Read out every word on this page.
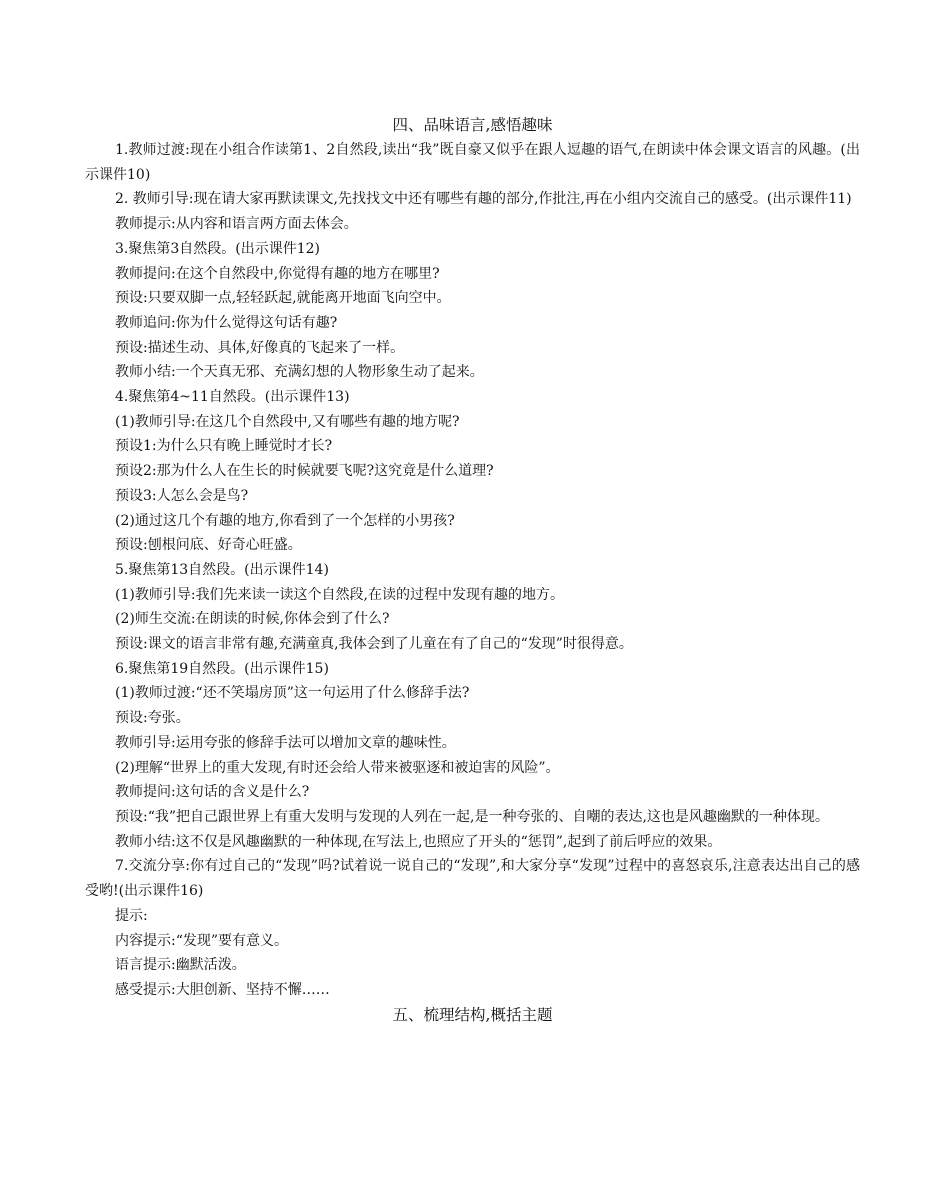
四、品味语言,感悟趣味
1.教师过渡:现在小组合作读第1、2自然段,读出“我”既自豪又似乎在跟人逗趣的语气,在朗读中体会课文语言的风趣。(出示课件10)
2. 教师引导:现在请大家再默读课文,先找找文中还有哪些有趣的部分,作批注,再在小组内交流自己的感受。(出示课件11)
教师提示:从内容和语言两方面去体会。
3.聚焦第3自然段。(出示课件12)
教师提问:在这个自然段中,你觉得有趣的地方在哪里?
预设:只要双脚一点,轻轻跃起,就能离开地面飞向空中。
教师追问:你为什么觉得这句话有趣?
预设:描述生动、具体,好像真的飞起来了一样。
教师小结:一个天真无邪、充满幻想的人物形象生动了起来。
4.聚焦第4~11自然段。(出示课件13)
(1)教师引导:在这几个自然段中,又有哪些有趣的地方呢?
预设1:为什么只有晚上睡觉时才长?
预设2:那为什么人在生长的时候就要飞呢?这究竟是什么道理?
预设3:人怎么会是鸟?
(2)通过这几个有趣的地方,你看到了一个怎样的小男孩?
预设:刨根问底、好奇心旺盛。
5.聚焦第13自然段。(出示课件14)
(1)教师引导:我们先来读一读这个自然段,在读的过程中发现有趣的地方。
(2)师生交流:在朗读的时候,你体会到了什么?
预设:课文的语言非常有趣,充满童真,我体会到了儿童在有了自己的“发现”时很得意。
6.聚焦第19自然段。(出示课件15)
(1)教师过渡:“还不笑塌房顶”这一句运用了什么修辞手法?
预设:夸张。
教师引导:运用夸张的修辞手法可以增加文章的趣味性。
(2)理解“世界上的重大发现,有时还会给人带来被驱逐和被迫害的风险”。
教师提问:这句话的含义是什么?
预设:“我”把自己跟世界上有重大发明与发现的人列在一起,是一种夸张的、自嘲的表达,这也是风趣幽默的一种体现。
教师小结:这不仅是风趣幽默的一种体现,在写法上,也照应了开头的“惩罚”,起到了前后呼应的效果。
7.交流分享:你有过自己的“发现”吗?试着说一说自己的“发现”,和大家分享“发现”过程中的喜怒哀乐,注意表达出自己的感受哟!(出示课件16)
提示:
内容提示:“发现”要有意义。
语言提示:幽默活泼。
感受提示:大胆创新、坚持不懈……
五、梳理结构,概括主题
